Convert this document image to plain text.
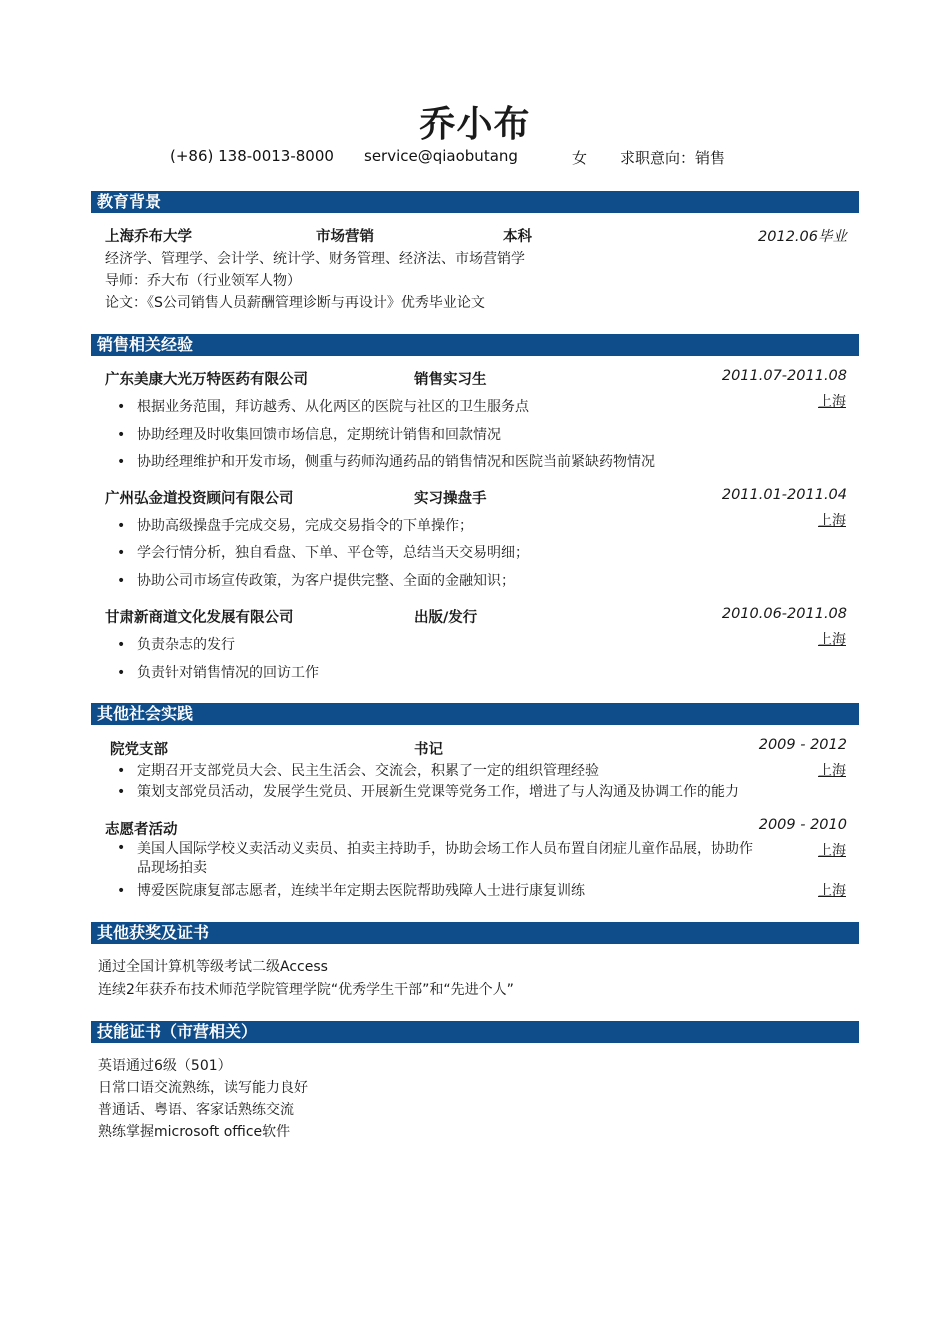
乔小布
(+86) 138-0013-8000 service@qiaobutang	女 求职意向：销售
教育背景
上海乔布大学	市场营销	本科	2012.06毕业
经济学、管理学、会计学、统计学、财务管理、经济法、市场营销学
导师：乔大布（行业领军人物）
论文：《S公司销售人员薪酬管理诊断与再设计》优秀毕业论文
销售相关经验
广东美康大光万特医药有限公司	销售实习生	2011.07-2011.08
上海
• 根据业务范围，拜访越秀、从化两区的医院与社区的卫生服务点
• 协助经理及时收集回馈市场信息，定期统计销售和回款情况
• 协助经理维护和开发市场，侧重与药师沟通药品的销售情况和医院当前紧缺药物情况
广州弘金道投资顾问有限公司	实习操盘手	2011.01-2011.04
上海
• 协助高级操盘手完成交易，完成交易指令的下单操作；
• 学会行情分析，独自看盘、下单、平仓等，总结当天交易明细；
• 协助公司市场宣传政策，为客户提供完整、全面的金融知识；
甘肃新商道文化发展有限公司	出版/发行	2010.06-2011.08
上海
• 负责杂志的发行
• 负责针对销售情况的回访工作
其他社会实践
院党支部	书记	2009 - 2012
上海
• 定期召开支部党员大会、民主生活会、交流会，积累了一定的组织管理经验
• 策划支部党员活动，发展学生党员、开展新生党课等党务工作，增进了与人沟通及协调工作的能力
志愿者活动	2009 - 2010
上海
• 美国人国际学校义卖活动义卖员、拍卖主持助手，协助会场工作人员布置自闭症儿童作品展，协助作品现场拍卖
上海
• 博爱医院康复部志愿者，连续半年定期去医院帮助残障人士进行康复训练
其他获奖及证书
通过全国计算机等级考试二级Access
连续2年获乔布技术师范学院管理学院“优秀学生干部”和“先进个人”
技能证书（市营相关）
英语通过6级（501）
日常口语交流熟练，读写能力良好
普通话、粤语、客家话熟练交流
熟练掌握microsoft office软件
